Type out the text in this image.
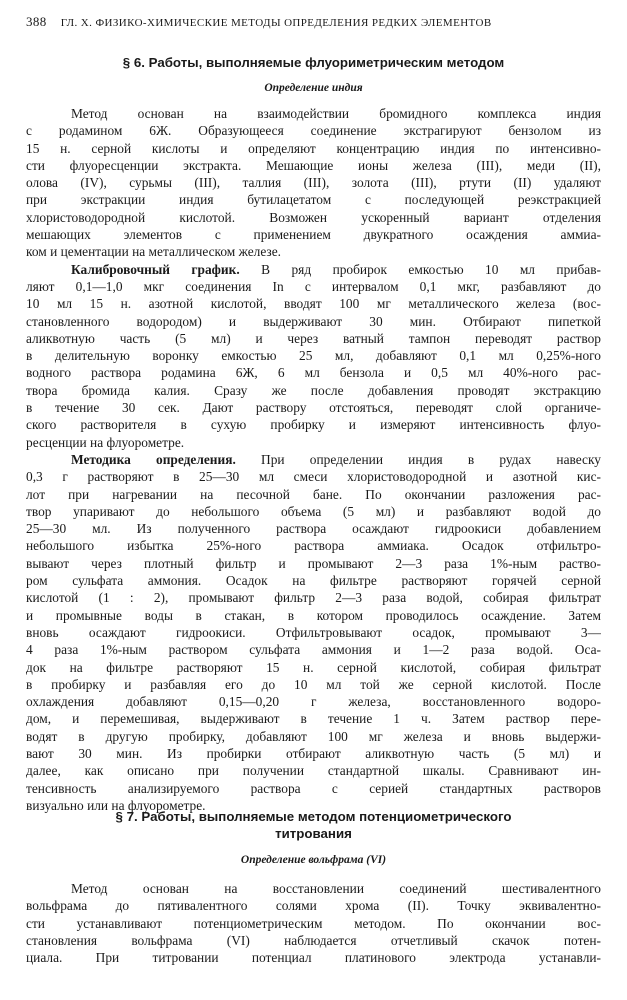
388 ГЛ. X. ФИЗИКО-ХИМИЧЕСКИЕ МЕТОДЫ ОПРЕДЕЛЕНИЯ РЕДКИХ ЭЛЕМЕНТОВ
§ 6. Работы, выполняемые флуориметрическим методом
Определение индия
Метод основан на взаимодействии бромидного комплекса индия
с родамином 6Ж. Образующееся соединение экстрагируют бензолом из
15 н. серной кислоты и определяют концентрацию индия по интенсивно-
сти флуоресценции экстракта. Мешающие ионы железа (III), меди (II),
олова (IV), сурьмы (III), таллия (III), золота (III), ртути (II) удаляют
при экстракции индия бутилацетатом с последующей реэкстракцией
хлористоводородной кислотой. Возможен ускоренный вариант отделения
мешающих элементов с применением двукратного осаждения аммиа-
ком и цементации на металлическом железе.
Калибровочный график. В ряд пробирок емкостью 10 мл прибав-
ляют 0,1—1,0 мкг соединения In с интервалом 0,1 мкг, разбавляют до
10 мл 15 н. азотной кислотой, вводят 100 мг металлического железа (вос-
становленного водородом) и выдерживают 30 мин. Отбирают пипеткой
аликвотную часть (5 мл) и через ватный тампон переводят раствор
в делительную воронку емкостью 25 мл, добавляют 0,1 мл 0,25%-ного
водного раствора родамина 6Ж, 6 мл бензола и 0,5 мл 40%-ного рас-
твора бромида калия. Сразу же после добавления проводят экстракцию
в течение 30 сек. Дают раствору отстояться, переводят слой органиче-
ского растворителя в сухую пробирку и измеряют интенсивность флуо-
ресценции на флуорометре.
Методика определения. При определении индия в рудах навеску
0,3 г растворяют в 25—30 мл смеси хлористоводородной и азотной кис-
лот при нагревании на песочной бане. По окончании разложения рас-
твор упаривают до небольшого объема (5 мл) и разбавляют водой до
25—30 мл. Из полученного раствора осаждают гидроокиси добавлением
небольшого избытка 25%-ного раствора аммиака. Осадок отфильтро-
вывают через плотный фильтр и промывают 2—3 раза 1%-ным раство-
ром сульфата аммония. Осадок на фильтре растворяют горячей серной
кислотой (1 : 2), промывают фильтр 2—3 раза водой, собирая фильтрат
и промывные воды в стакан, в котором проводилось осаждение. Затем
вновь осаждают гидроокиси. Отфильтровывают осадок, промывают 3—
4 раза 1%-ным раствором сульфата аммония и 1—2 раза водой. Оса-
док на фильтре растворяют 15 н. серной кислотой, собирая фильтрат
в пробирку и разбавляя его до 10 мл той же серной кислотой. После
охлаждения добавляют 0,15—0,20 г железа, восстановленного водоро-
дом, и перемешивая, выдерживают в течение 1 ч. Затем раствор пере-
водят в другую пробирку, добавляют 100 мг железа и вновь выдержи-
вают 30 мин. Из пробирки отбирают аликвотную часть (5 мл) и
далее, как описано при получении стандартной шкалы. Сравнивают ин-
тенсивность анализируемого раствора с серией стандартных растворов
визуально или на флуорометре.
§ 7. Работы, выполняемые методом потенциометрического
титрования
Определение вольфрама (VI)
Метод основан на восстановлении соединений шестивалентного
вольфрама до пятивалентного солями хрома (II). Точку эквивалентно-
сти устанавливают потенциометрическим методом. По окончании вос-
становления вольфрама (VI) наблюдается отчетливый скачок потен-
циала. При титровании потенциал платинового электрода устанавли-
